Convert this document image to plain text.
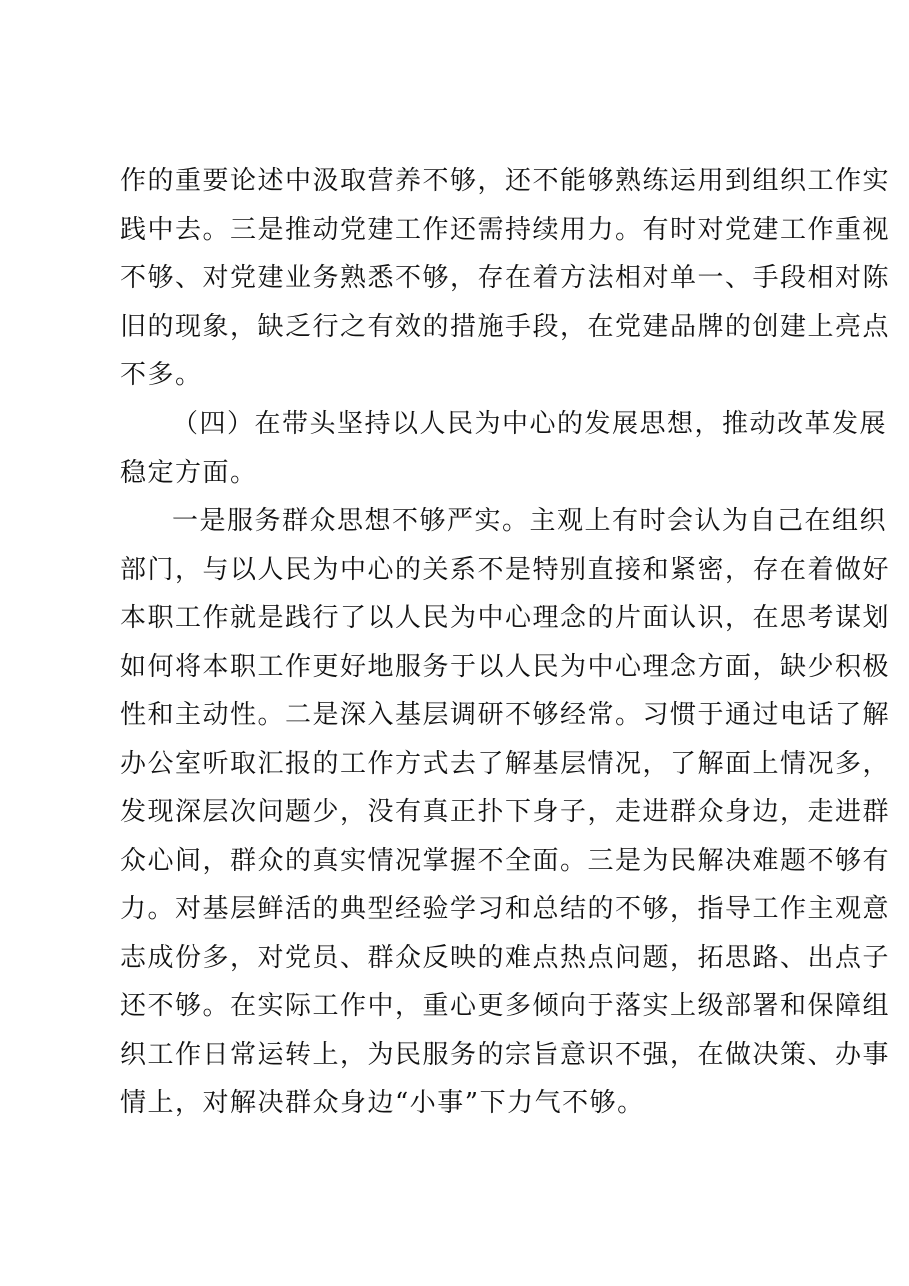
作的重要论述中汲取营养不够，还不能够熟练运用到组织工作实
践中去。三是推动党建工作还需持续用力。有时对党建工作重视
不够、对党建业务熟悉不够，存在着方法相对单一、手段相对陈
旧的现象，缺乏行之有效的措施手段，在党建品牌的创建上亮点
不多。
（四）在带头坚持以人民为中心的发展思想，推动改革发展
稳定方面。
一是服务群众思想不够严实。主观上有时会认为自己在组织
部门，与以人民为中心的关系不是特别直接和紧密，存在着做好
本职工作就是践行了以人民为中心理念的片面认识，在思考谋划
如何将本职工作更好地服务于以人民为中心理念方面，缺少积极
性和主动性。二是深入基层调研不够经常。习惯于通过电话了解
办公室听取汇报的工作方式去了解基层情况，了解面上情况多，
发现深层次问题少，没有真正扑下身子，走进群众身边，走进群
众心间，群众的真实情况掌握不全面。三是为民解决难题不够有
力。对基层鲜活的典型经验学习和总结的不够，指导工作主观意
志成份多，对党员、群众反映的难点热点问题，拓思路、出点子
还不够。在实际工作中，重心更多倾向于落实上级部署和保障组
织工作日常运转上，为民服务的宗旨意识不强，在做决策、办事
情上，对解决群众身边“小事”下力气不够。
